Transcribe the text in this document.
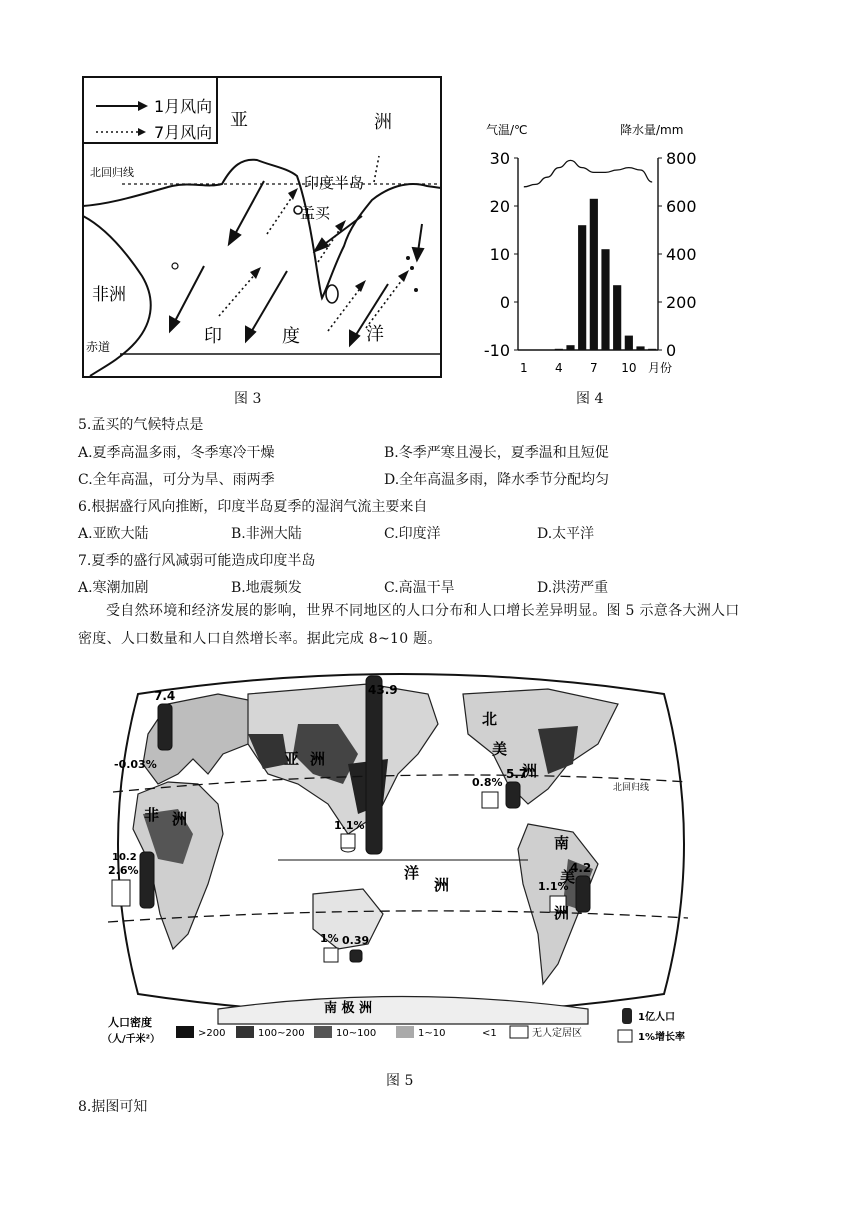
1月风向
7月风向
亚	洲
北回归线
印度半岛
孟买
非洲
印	度	洋
赤道
图 3
气温/℃	降水量/mm
30
20
10
0
-10
800
600
400
200
0
1 4 7 10 月份
图 4
5.孟买的气候特点是
A.夏季高温多雨，冬季寒冷干燥	B.冬季严寒且漫长，夏季温和且短促
C.全年高温，可分为旱、雨两季	D.全年高温多雨，降水季节分配均匀
6.根据盛行风向推断，印度半岛夏季的湿润气流主要来自
A.亚欧大陆	B.非洲大陆	C.印度洋	D.太平洋
7.夏季的盛行风减弱可能造成印度半岛
A.寒潮加剧	B.地震频发	C.高温干旱	D.洪涝严重
受自然环境和经济发展的影响，世界不同地区的人口分布和人口增长差异明显。图 5 示意各大洲人口
密度、人口数量和人口自然增长率。据此完成 8~10 题。
北回归线
7.4
-0.03%
43.9
1.1%
10.2
2.6%
5.7
0.8%
4.2
1.1%
0.39
1%
亚 洲
非 洲
北
美
洲
南
美
洲
洋
洲
南 极 洲
人口密度
（人/千米²）
>200	100~200	10~100	1~10	<1	无人定居区
1亿人口
1%增长率
图 5
8.据图可知
